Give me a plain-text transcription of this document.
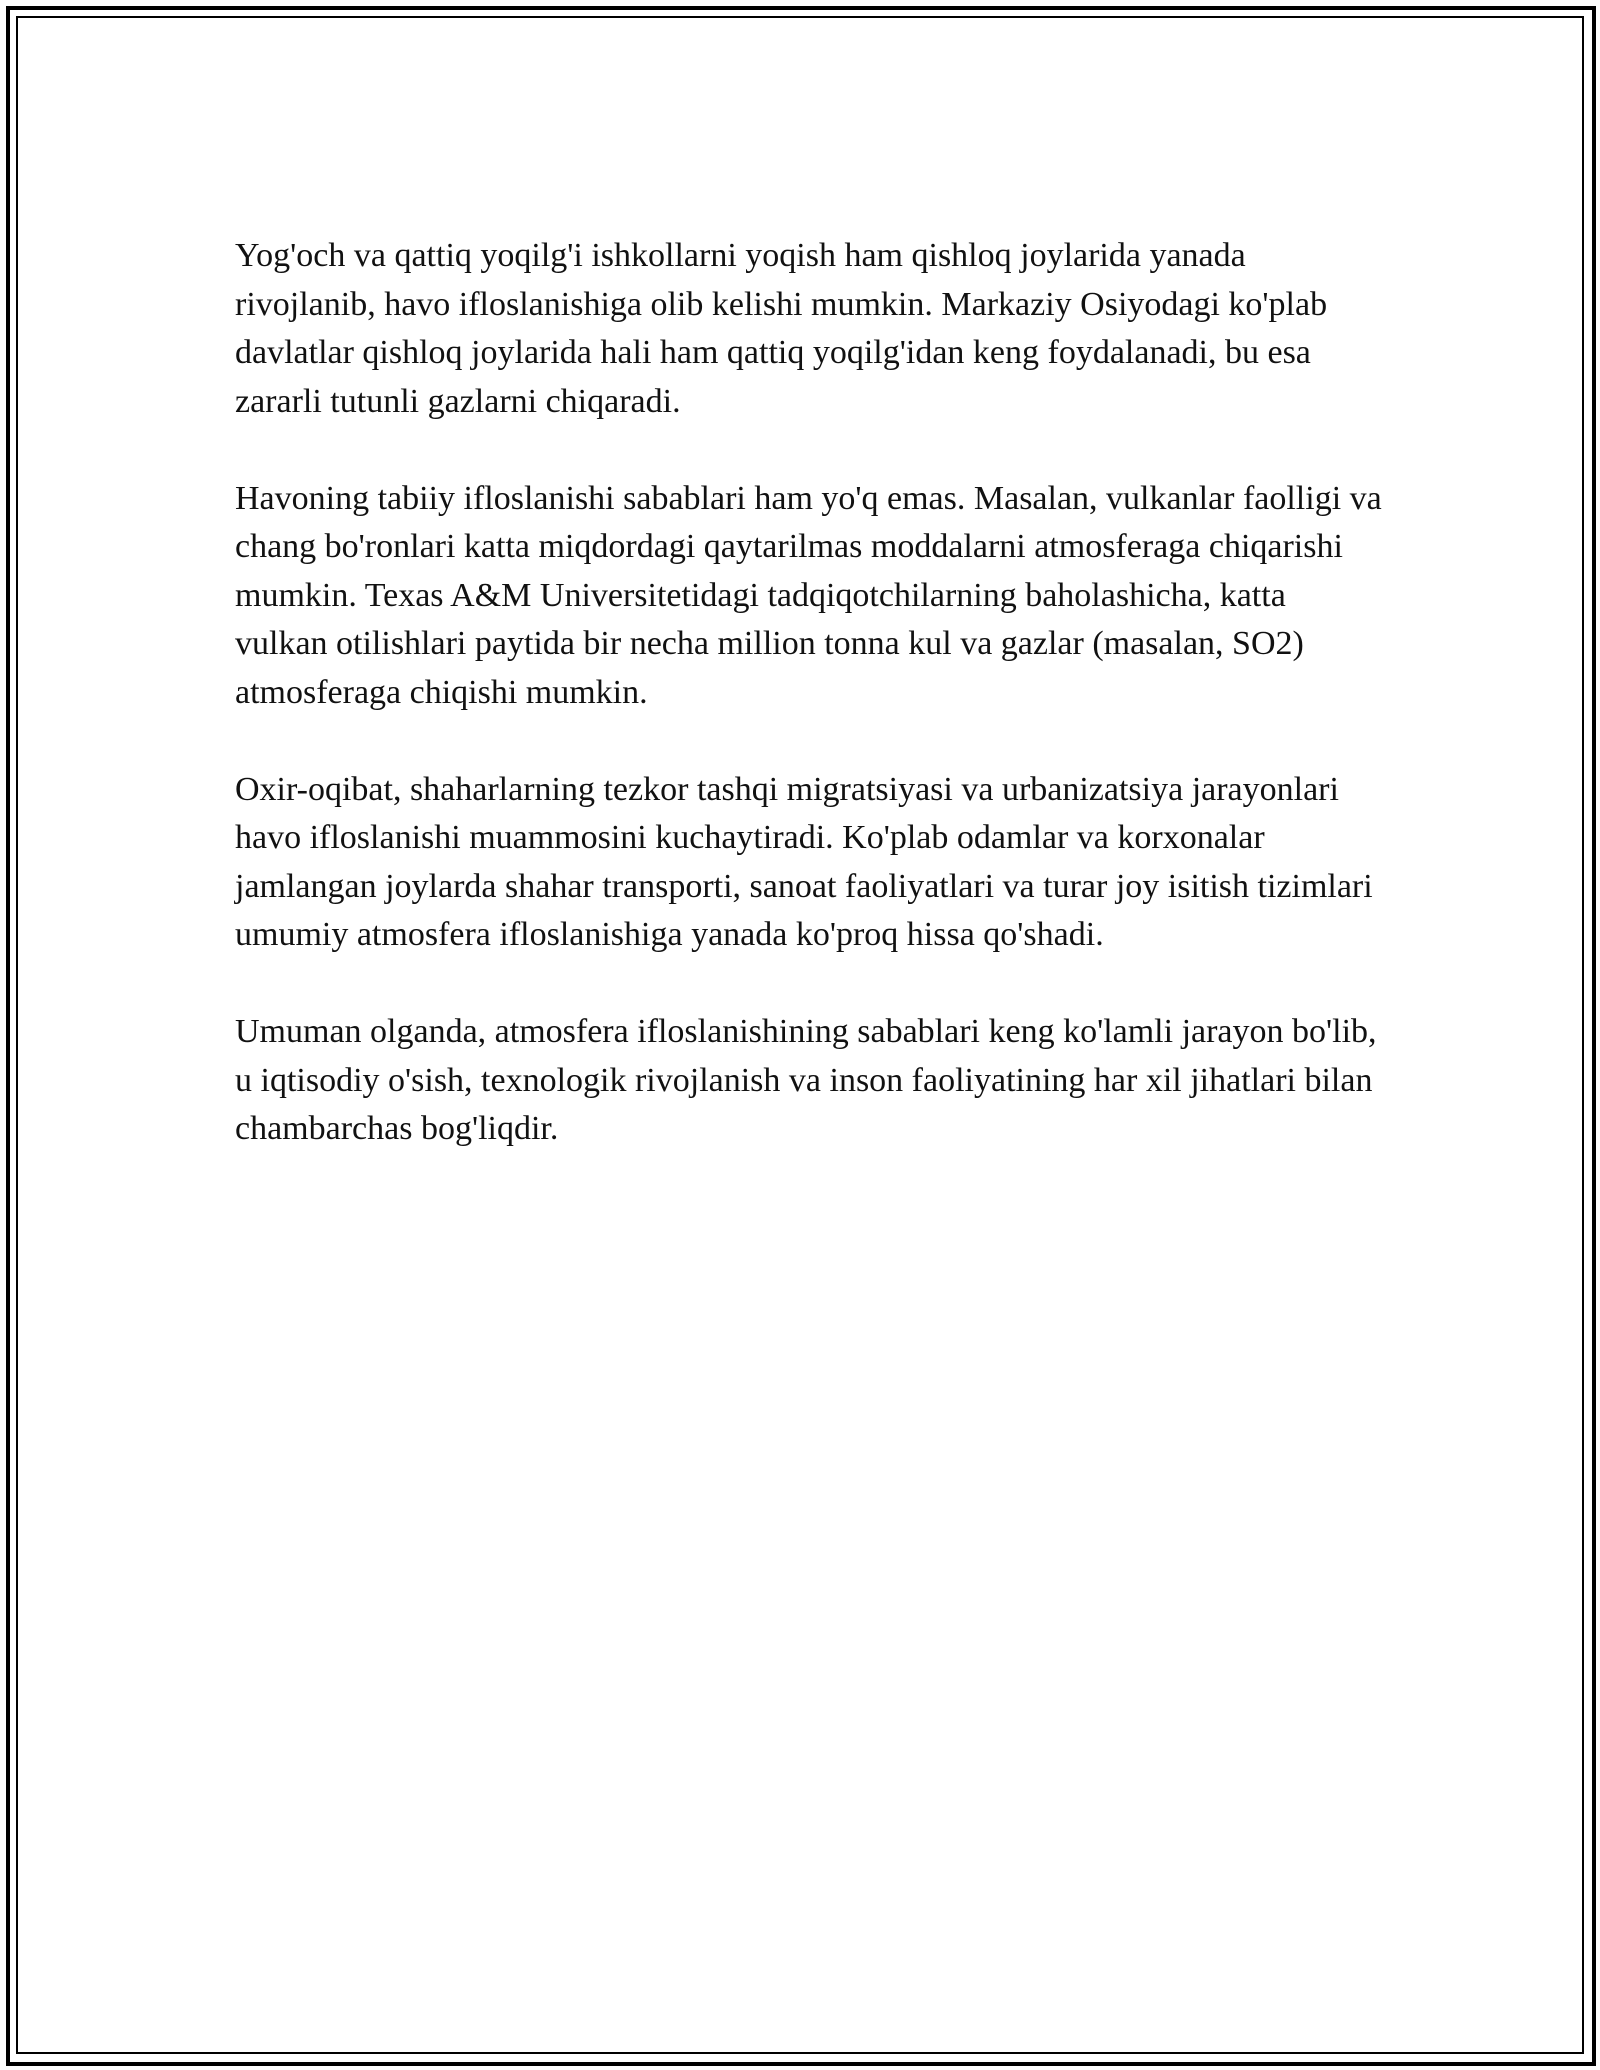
Yog'och va qattiq yoqilg'i ishkollarni yoqish ham qishloq joylarida yanada rivojlanib, havo ifloslanishiga olib kelishi mumkin. Markaziy Osiyodagi ko'plab davlatlar qishloq joylarida hali ham qattiq yoqilg'idan keng foydalanadi, bu esa zararli tutunli gazlarni chiqaradi.

Havoning tabiiy ifloslanishi sabablari ham yo'q emas. Masalan, vulkanlar faolligi va chang bo'ronlari katta miqdordagi qaytarilmas moddalarni atmosferaga chiqarishi mumkin. Texas A&M Universitetidagi tadqiqotchilarning baholashicha, katta vulkan otilishlari paytida bir necha million tonna kul va gazlar (masalan, SO2) atmosferaga chiqishi mumkin.

Oxir-oqibat, shaharlarning tezkor tashqi migratsiyasi va urbanizatsiya jarayonlari havo ifloslanishi muammosini kuchaytiradi. Ko'plab odamlar va korxonalar jamlangan joylarda shahar transporti, sanoat faoliyatlari va turar joy isitish tizimlari umumiy atmosfera ifloslanishiga yanada ko'proq hissa qo'shadi.

Umuman olganda, atmosfera ifloslanishining sabablari keng ko'lamli jarayon bo'lib, u iqtisodiy o'sish, texnologik rivojlanish va inson faoliyatining har xil jihatlari bilan chambarchas bog'liqdir.
